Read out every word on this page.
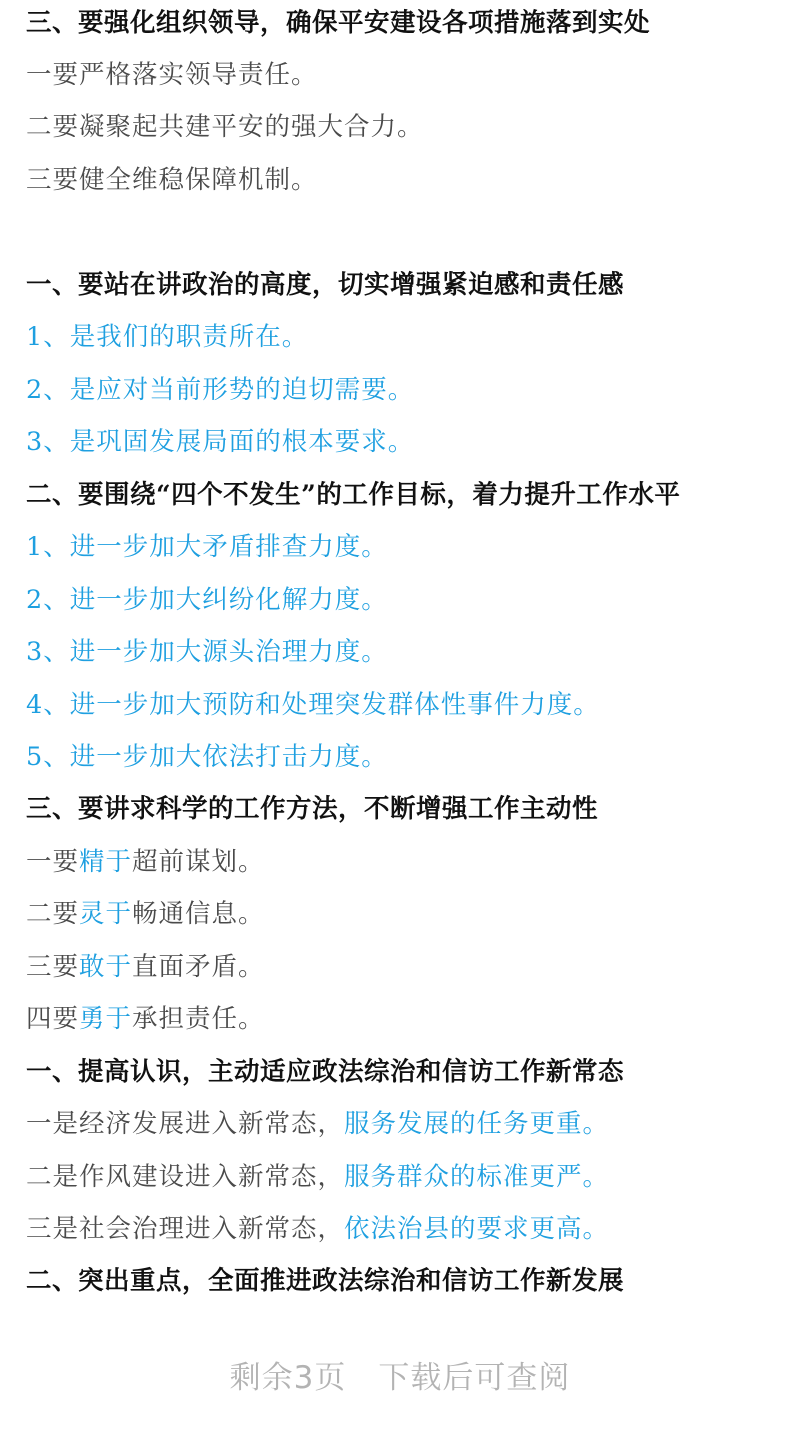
三、要强化组织领导，确保平安建设各项措施落到实处
一要严格落实领导责任。
二要凝聚起共建平安的强大合力。
三要健全维稳保障机制。
一、要站在讲政治的高度，切实增强紧迫感和责任感
1、是我们的职责所在。
2、是应对当前形势的迫切需要。
3、是巩固发展局面的根本要求。
二、要围绕“四个不发生”的工作目标，着力提升工作水平
1、进一步加大矛盾排查力度。
2、进一步加大纠纷化解力度。
3、进一步加大源头治理力度。
4、进一步加大预防和处理突发群体性事件力度。
5、进一步加大依法打击力度。
三、要讲求科学的工作方法，不断增强工作主动性
一要精于超前谋划。
二要灵于畅通信息。
三要敢于直面矛盾。
四要勇于承担责任。
一、提高认识，主动适应政法综治和信访工作新常态
一是经济发展进入新常态，服务发展的任务更重。
二是作风建设进入新常态，服务群众的标准更严。
三是社会治理进入新常态，依法治县的要求更高。
二、突出重点，全面推进政法综治和信访工作新发展
剩余3页 下载后可查阅
